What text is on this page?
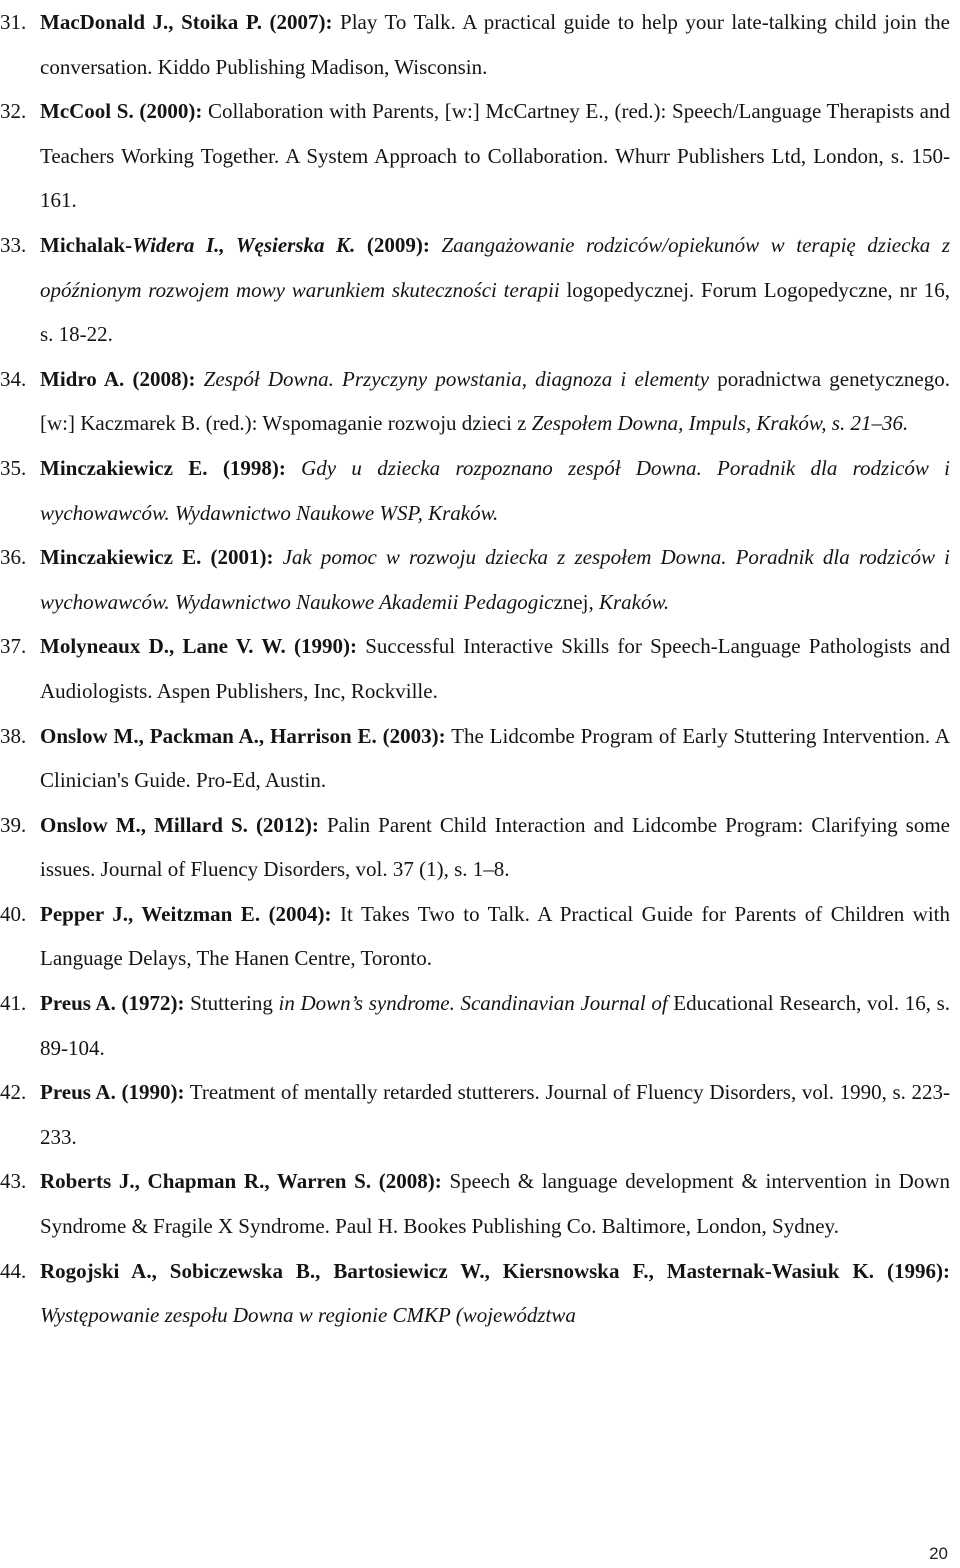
31. MacDonald J., Stoika P. (2007): Play To Talk. A practical guide to help your late-talking child join the conversation. Kiddo Publishing Madison, Wisconsin.
32. McCool S. (2000): Collaboration with Parents, [w:] McCartney E., (red.): Speech/Language Therapists and Teachers Working Together. A System Approach to Collaboration. Whurr Publishers Ltd, London, s. 150-161.
33. Michalak-Widera I., Węsierska K. (2009): Zaangażowanie rodziców/opiekunów w terapię dziecka z opóźnionym rozwojem mowy warunkiem skuteczności terapii logopedycznej. Forum Logopedyczne, nr 16, s. 18-22.
34. Midro A. (2008): Zespół Downa. Przyczyny powstania, diagnoza i elementy poradnictwa genetycznego. [w:] Kaczmarek B. (red.): Wspomaganie rozwoju dzieci z Zespołem Downa, Impuls, Kraków, s. 21–36.
35. Minczakiewicz E. (1998): Gdy u dziecka rozpoznano zespół Downa. Poradnik dla rodziców i wychowawców. Wydawnictwo Naukowe WSP, Kraków.
36. Minczakiewicz E. (2001): Jak pomoc w rozwoju dziecka z zespołem Downa. Poradnik dla rodziców i wychowawców. Wydawnictwo Naukowe Akademii Pedagogicznej, Kraków.
37. Molyneaux D., Lane V. W. (1990): Successful Interactive Skills for Speech-Language Pathologists and Audiologists. Aspen Publishers, Inc, Rockville.
38. Onslow M., Packman A., Harrison E. (2003): The Lidcombe Program of Early Stuttering Intervention. A Clinician's Guide. Pro-Ed, Austin.
39. Onslow M., Millard S. (2012): Palin Parent Child Interaction and Lidcombe Program: Clarifying some issues. Journal of Fluency Disorders, vol. 37 (1), s. 1–8.
40. Pepper J., Weitzman E. (2004): It Takes Two to Talk. A Practical Guide for Parents of Children with Language Delays, The Hanen Centre, Toronto.
41. Preus A. (1972): Stuttering in Down’s syndrome. Scandinavian Journal of Educational Research, vol. 16, s. 89-104.
42. Preus A. (1990): Treatment of mentally retarded stutterers. Journal of Fluency Disorders, vol. 1990, s. 223-233.
43. Roberts J., Chapman R., Warren S. (2008): Speech & language development & intervention in Down Syndrome & Fragile X Syndrome. Paul H. Bookes Publishing Co. Baltimore, London, Sydney.
44. Rogojski A., Sobiczewska B., Bartosiewicz W., Kiersnowska F., Masternak-Wasiuk K. (1996): Występowanie zespołu Downa w regionie CMKP (województwa
20
